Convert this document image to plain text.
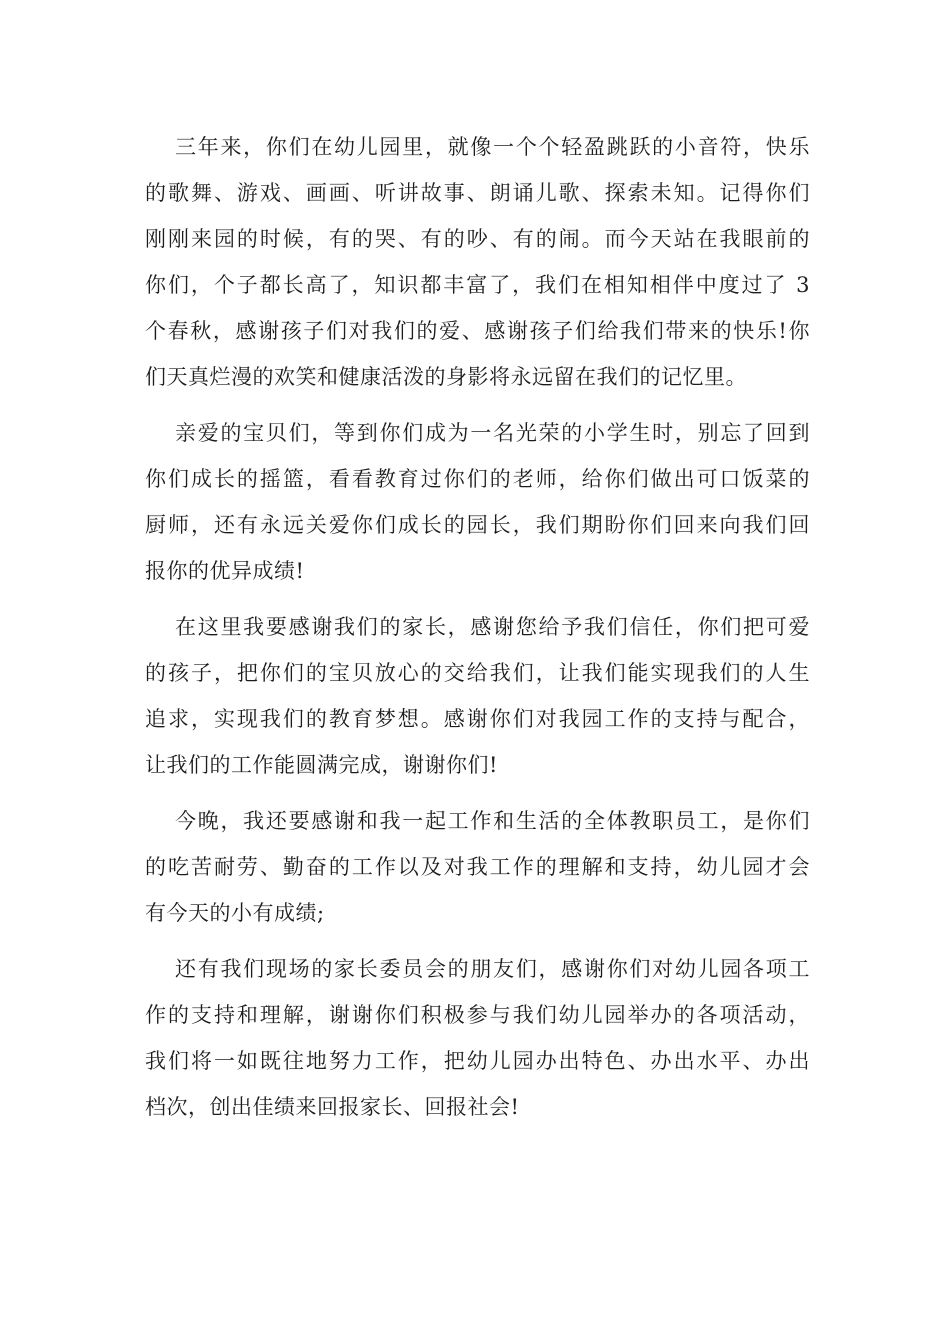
三年来，你们在幼儿园里，就像一个个轻盈跳跃的小音符，快乐
的歌舞、游戏、画画、听讲故事、朗诵儿歌、探索未知。记得你们
刚刚来园的时候，有的哭、有的吵、有的闹。而今天站在我眼前的
你们，个子都长高了，知识都丰富了，我们在相知相伴中度过了 3
个春秋，感谢孩子们对我们的爱、感谢孩子们给我们带来的快乐!你
们天真烂漫的欢笑和健康活泼的身影将永远留在我们的记忆里。
亲爱的宝贝们，等到你们成为一名光荣的小学生时，别忘了回到
你们成长的摇篮，看看教育过你们的老师，给你们做出可口饭菜的
厨师，还有永远关爱你们成长的园长，我们期盼你们回来向我们回
报你的优异成绩!
在这里我要感谢我们的家长，感谢您给予我们信任，你们把可爱
的孩子，把你们的宝贝放心的交给我们，让我们能实现我们的人生
追求，实现我们的教育梦想。感谢你们对我园工作的支持与配合，
让我们的工作能圆满完成，谢谢你们!
今晚，我还要感谢和我一起工作和生活的全体教职员工，是你们
的吃苦耐劳、勤奋的工作以及对我工作的理解和支持，幼儿园才会
有今天的小有成绩;
还有我们现场的家长委员会的朋友们，感谢你们对幼儿园各项工
作的支持和理解，谢谢你们积极参与我们幼儿园举办的各项活动，
我们将一如既往地努力工作，把幼儿园办出特色、办出水平、办出
档次，创出佳绩来回报家长、回报社会!
